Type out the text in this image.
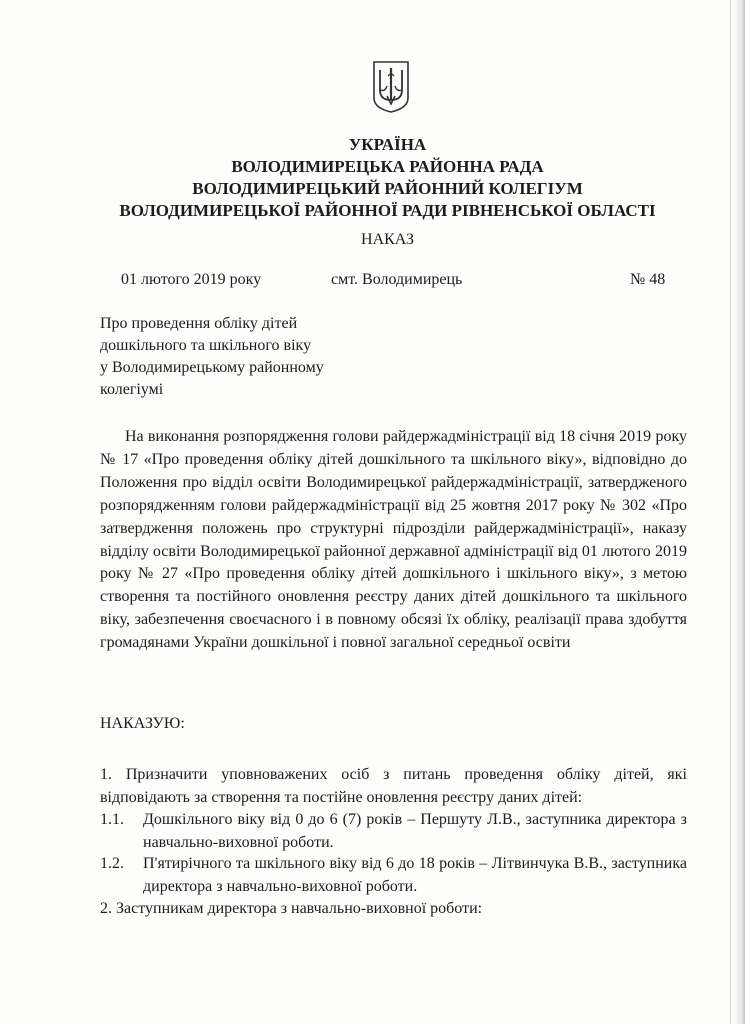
УКРАЇНА
ВОЛОДИМИРЕЦЬКА РАЙОННА РАДА
ВОЛОДИМИРЕЦЬКИЙ РАЙОННИЙ КОЛЕГІУМ
ВОЛОДИМИРЕЦЬКОЇ РАЙОННОЇ РАДИ РІВНЕНСЬКОЇ ОБЛАСТІ
НАКАЗ
01 лютого 2019 року	смт. Володимирець	№ 48
Про проведення обліку дітей
дошкільного та шкільного віку
у Володимирецькому районному
колегіумі

На виконання розпорядження голови райдержадміністрації від 18 січня 2019 року № 17 «Про проведення обліку дітей дошкільного та шкільного віку», відповідно до Положення про відділ освіти Володимирецької райдержадміністрації, затвердженого розпорядженням голови райдержадміністрації від 25 жовтня 2017 року № 302 «Про затвердження положень про структурні підрозділи райдержадміністрації», наказу відділу освіти Володимирецької районної державної адміністрації від 01 лютого 2019 року № 27 «Про проведення обліку дітей дошкільного і шкільного віку», з метою створення та постійного оновлення реєстру даних дітей дошкільного та шкільного віку, забезпечення своєчасного і в повному обсязі їх обліку, реалізації права здобуття громадянами України дошкільної і повної загальної середньої освіти

НАКАЗУЮ:

1. Призначити уповноважених осіб з питань проведення обліку дітей, які відповідають за створення та постійне оновлення реєстру даних дітей:

1.1. Дошкільного віку від 0 до 6 (7) років – Першуту Л.В., заступника директора з навчально-виховної роботи.

1.2. П'ятирічного та шкільного віку від 6 до 18 років – Літвинчука В.В., заступника директора з навчально-виховної роботи.

2. Заступникам директора з навчально-виховної роботи:
